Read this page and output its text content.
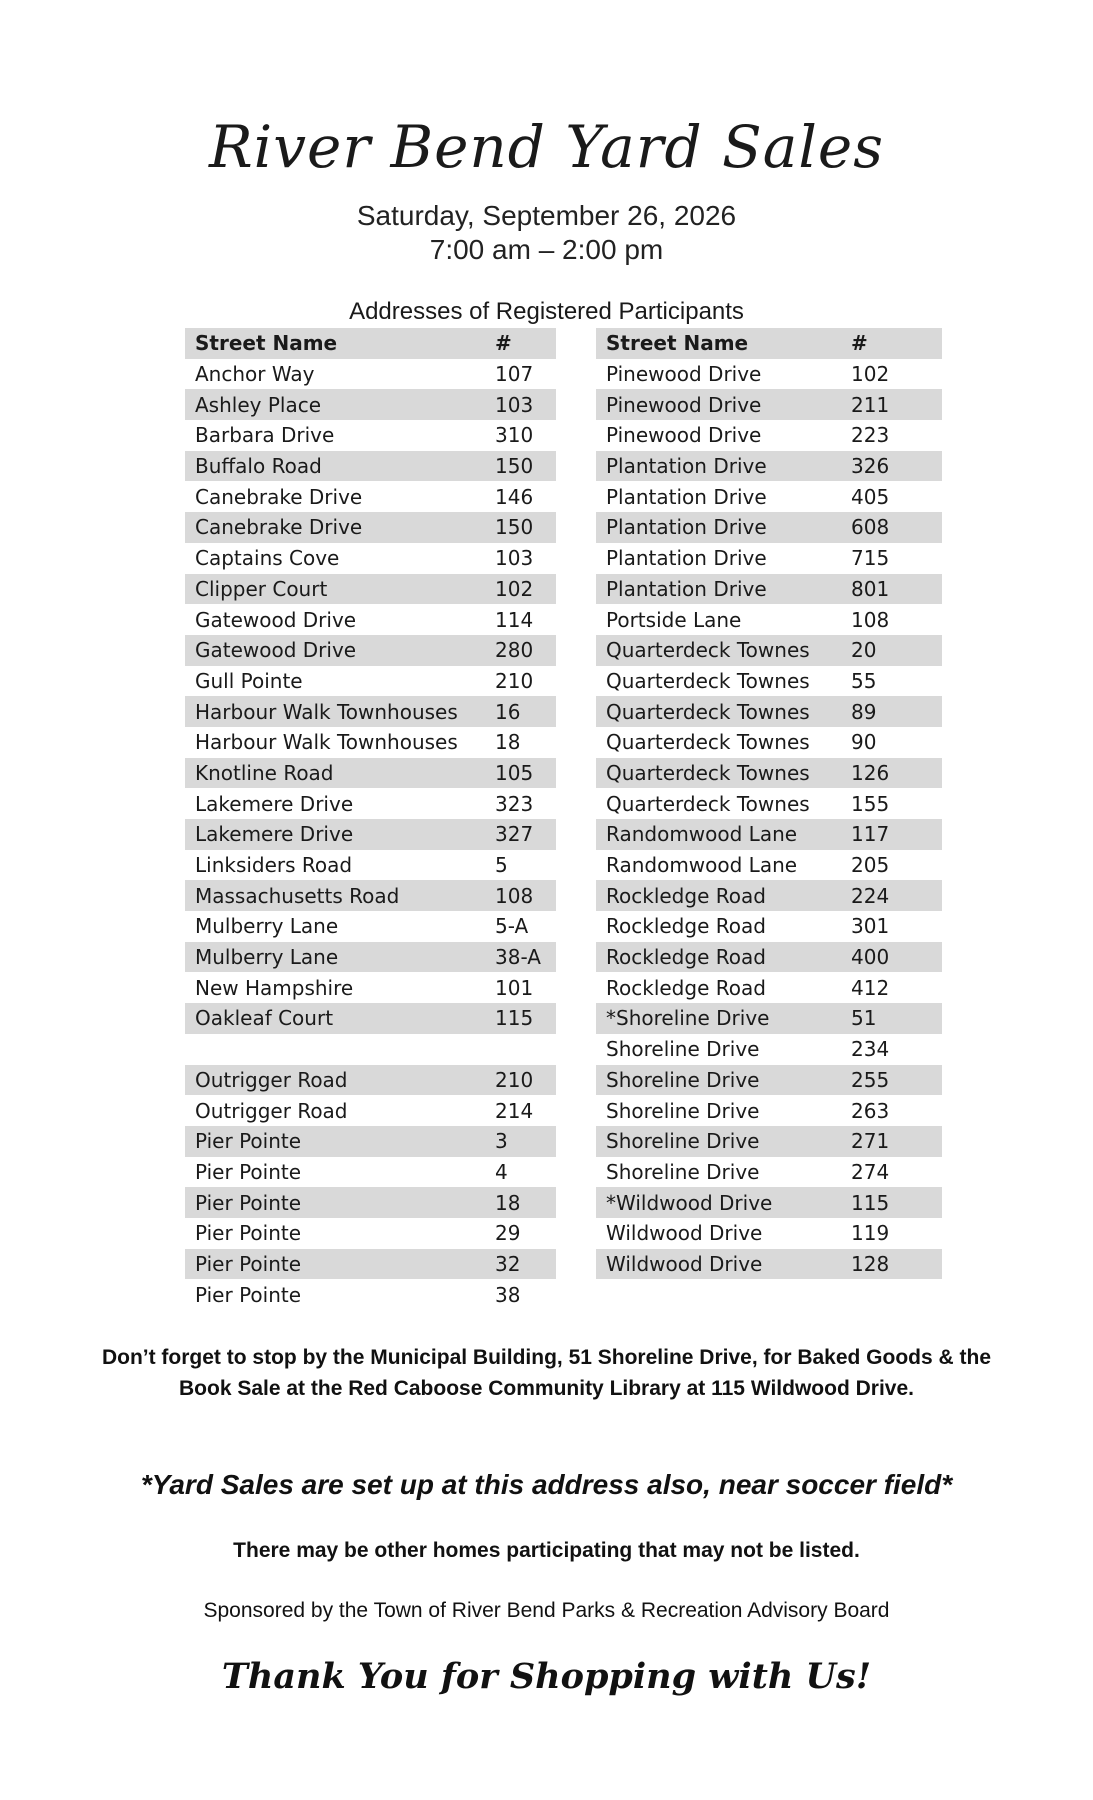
River Bend Yard Sales
Saturday, September 26, 2026
7:00 am – 2:00 pm
Addresses of Registered Participants
Street Name	#
Anchor Way	107
Ashley Place	103
Barbara Drive	310
Buffalo Road	150
Canebrake Drive	146
Canebrake Drive	150
Captains Cove	103
Clipper Court	102
Gatewood Drive	114
Gatewood Drive	280
Gull Pointe	210
Harbour Walk Townhouses	16
Harbour Walk Townhouses	18
Knotline Road	105
Lakemere Drive	323
Lakemere Drive	327
Linksiders Road	5
Massachusetts Road	108
Mulberry Lane	5-A
Mulberry Lane	38-A
New Hampshire	101
Oakleaf Court	115
Outrigger Road	210
Outrigger Road	214
Pier Pointe	3
Pier Pointe	4
Pier Pointe	18
Pier Pointe	29
Pier Pointe	32
Pier Pointe	38
Street Name	#
Pinewood Drive	102
Pinewood Drive	211
Pinewood Drive	223
Plantation Drive	326
Plantation Drive	405
Plantation Drive	608
Plantation Drive	715
Plantation Drive	801
Portside Lane	108
Quarterdeck Townes	20
Quarterdeck Townes	55
Quarterdeck Townes	89
Quarterdeck Townes	90
Quarterdeck Townes	126
Quarterdeck Townes	155
Randomwood Lane	117
Randomwood Lane	205
Rockledge Road	224
Rockledge Road	301
Rockledge Road	400
Rockledge Road	412
*Shoreline Drive	51
Shoreline Drive	234
Shoreline Drive	255
Shoreline Drive	263
Shoreline Drive	271
Shoreline Drive	274
*Wildwood Drive	115
Wildwood Drive	119
Wildwood Drive	128
Don’t forget to stop by the Municipal Building, 51 Shoreline Drive, for Baked Goods & the Book Sale at the Red Caboose Community Library at 115 Wildwood Drive.
*Yard Sales are set up at this address also, near soccer field*
There may be other homes participating that may not be listed.
Sponsored by the Town of River Bend Parks & Recreation Advisory Board
Thank You for Shopping with Us!
